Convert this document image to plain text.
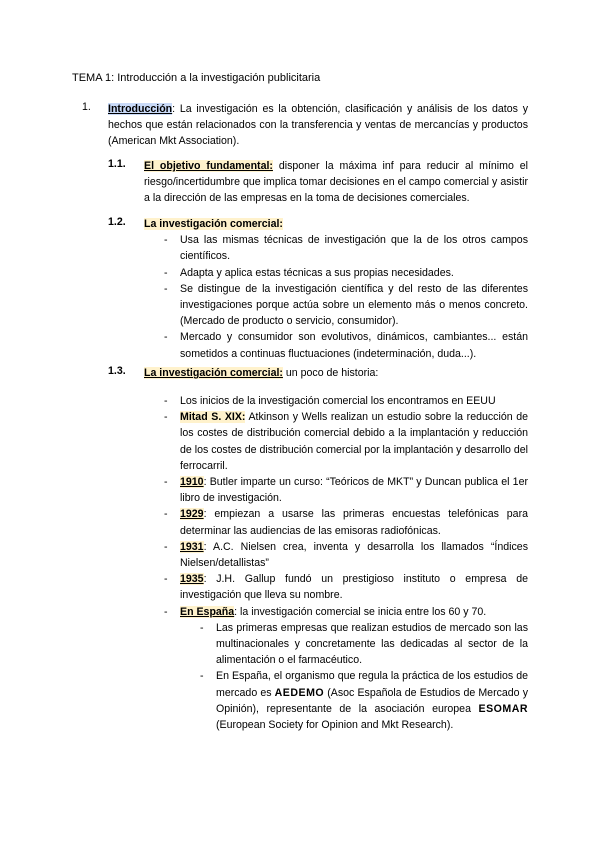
TEMA 1: Introducción a la investigación publicitaria
1. Introducción: La investigación es la obtención, clasificación y análisis de los datos y hechos que están relacionados con la transferencia y ventas de mercancías y productos (American Mkt Association).
1.1. El objetivo fundamental: disponer la máxima inf para reducir al mínimo el riesgo/incertidumbre que implica tomar decisiones en el campo comercial y asistir a la dirección de las empresas en la toma de decisiones comerciales.
1.2. La investigación comercial:
- Usa las mismas técnicas de investigación que la de los otros campos científicos.
- Adapta y aplica estas técnicas a sus propias necesidades.
- Se distingue de la investigación científica y del resto de las diferentes investigaciones porque actúa sobre un elemento más o menos concreto. (Mercado de producto o servicio, consumidor).
- Mercado y consumidor son evolutivos, dinámicos, cambiantes... están sometidos a continuas fluctuaciones (indeterminación, duda...).
1.3. La investigación comercial: un poco de historia:
- Los inicios de la investigación comercial los encontramos en EEUU
- Mitad S. XIX: Atkinson y Wells realizan un estudio sobre la reducción de los costes de distribución comercial debido a la implantación y reducción de los costes de distribución comercial por la implantación y desarrollo del ferrocarril.
- 1910: Butler imparte un curso: “Teóricos de MKT” y Duncan publica el 1er libro de investigación.
- 1929: empiezan a usarse las primeras encuestas telefónicas para determinar las audiencias de las emisoras radiofónicas.
- 1931: A.C. Nielsen crea, inventa y desarrolla los llamados “Índices Nielsen/detallistas”
- 1935: J.H. Gallup fundó un prestigioso instituto o empresa de investigación que lleva su nombre.
- En España: la investigación comercial se inicia entre los 60 y 70.
- Las primeras empresas que realizan estudios de mercado son las multinacionales y concretamente las dedicadas al sector de la alimentación o el farmacéutico.
- En España, el organismo que regula la práctica de los estudios de mercado es AEDEMO (Asoc Española de Estudios de Mercado y Opinión), representante de la asociación europea ESOMAR (European Society for Opinion and Mkt Research).
